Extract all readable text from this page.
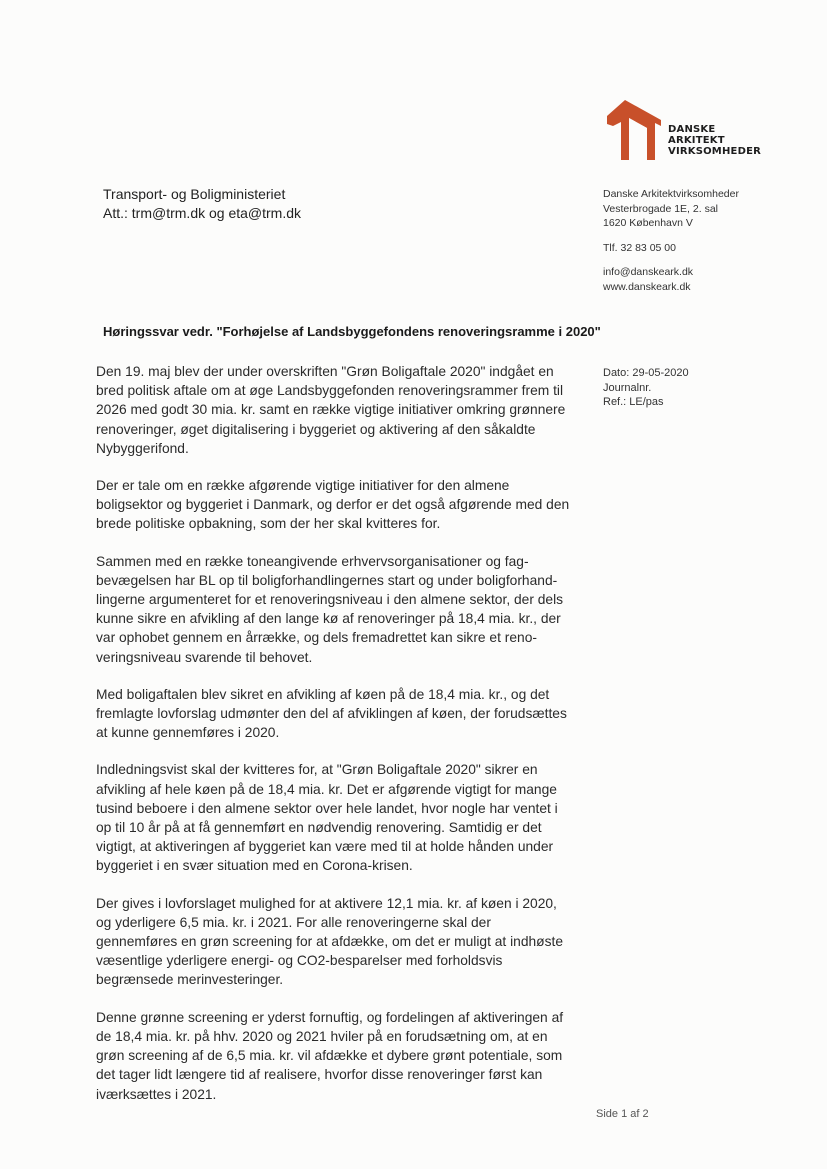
DANSKE
ARKITEKT
VIRKSOMHEDER
Transport- og Boligministeriet
Att.: trm@trm.dk og eta@trm.dk
Danske Arkitektvirksomheder
Vesterbrogade 1E, 2. sal
1620 København V
Tlf. 32 83 05 00
info@danskeark.dk
www.danskeark.dk
Høringssvar vedr. "Forhøjelse af Landsbyggefondens renoveringsramme i 2020"
Dato: 29-05-2020
Journalnr.
Ref.: LE/pas

Den 19. maj blev der under overskriften "Grøn Boligaftale 2020" indgået en bred politisk aftale om at øge Landsbyggefonden renoveringsrammer frem til 2026 med godt 30 mia. kr. samt en række vigtige initiativer omkring grønnere renoveringer, øget digitalisering i byggeriet og aktivering af den såkaldte Nybyggerifond.

Der er tale om en række afgørende vigtige initiativer for den almene boligsektor og byggeriet i Danmark, og derfor er det også afgørende med den brede politiske opbakning, som der her skal kvitteres for.

Sammen med en række toneangivende erhvervsorganisationer og fag-bevægelsen har BL op til boligforhandlingernes start og under boligforhand-lingerne argumenteret for et renoveringsniveau i den almene sektor, der dels kunne sikre en afvikling af den lange kø af renoveringer på 18,4 mia. kr., der var ophobet gennem en årrække, og dels fremadrettet kan sikre et reno-veringsniveau svarende til behovet.

Med boligaftalen blev sikret en afvikling af køen på de 18,4 mia. kr., og det fremlagte lovforslag udmønter den del af afviklingen af køen, der forudsættes at kunne gennemføres i 2020.

Indledningsvist skal der kvitteres for, at "Grøn Boligaftale 2020" sikrer en afvikling af hele køen på de 18,4 mia. kr. Det er afgørende vigtigt for mange tusind beboere i den almene sektor over hele landet, hvor nogle har ventet i op til 10 år på at få gennemført en nødvendig renovering. Samtidig er det vigtigt, at aktiveringen af byggeriet kan være med til at holde hånden under byggeriet i en svær situation med en Corona-krisen.

Der gives i lovforslaget mulighed for at aktivere 12,1 mia. kr. af køen i 2020, og yderligere 6,5 mia. kr. i 2021. For alle renoveringerne skal der gennemføres en grøn screening for at afdække, om det er muligt at indhøste væsentlige yderligere energi- og CO2-besparelser med forholdsvis begrænsede merinvesteringer.

Denne grønne screening er yderst fornuftig, og fordelingen af aktiveringen af de 18,4 mia. kr. på hhv. 2020 og 2021 hviler på en forudsætning om, at en grøn screening af de 6,5 mia. kr. vil afdække et dybere grønt potentiale, som det tager lidt længere tid af realisere, hvorfor disse renoveringer først kan iværksættes i 2021.

Side 1 af 2
